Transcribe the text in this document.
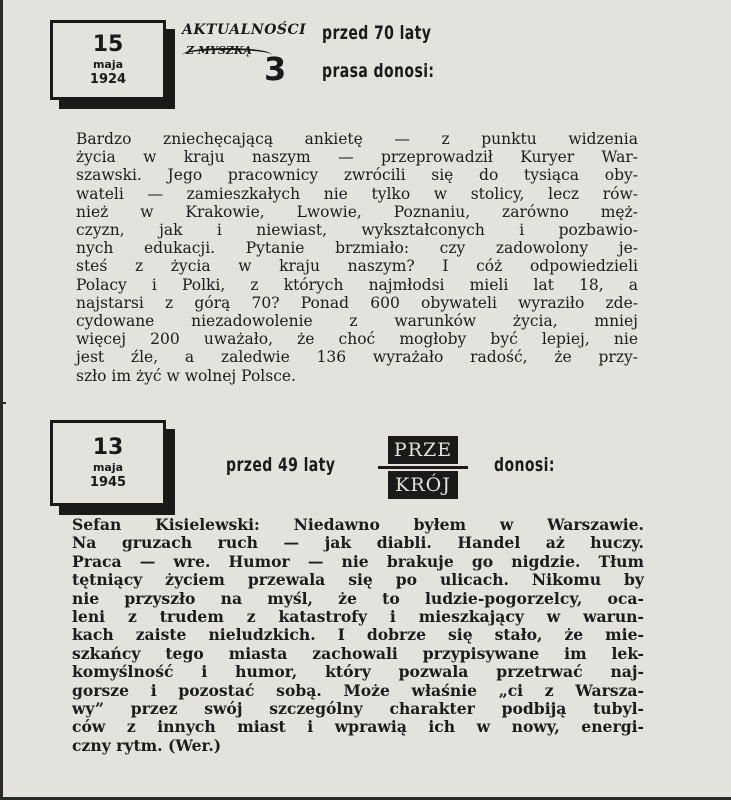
15
maja
1924
AKTUALNOŚCI
Z MYSZKĄ 3
przed 70 laty
prasa donosi:

Bardzo zniechęcającą ankietę — z punktu widzenia
życia w kraju naszym — przeprowadził Kuryer War-
szawski. Jego pracownicy zwrócili się do tysiąca oby-
wateli — zamieszkałych nie tylko w stolicy, lecz rów-
nież w Krakowie, Lwowie, Poznaniu, zarówno męż-
czyzn, jak i niewiast, wykształconych i pozbawio-
nych edukacji. Pytanie brzmiało: czy zadowolony je-
steś z życia w kraju naszym? I cóż odpowiedzieli
Polacy i Polki, z których najmłodsi mieli lat 18, a
najstarsi z górą 70? Ponad 600 obywateli wyraziło zde-
cydowane niezadowolenie z warunków życia, mniej
więcej 200 uważało, że choć mogłoby być lepiej, nie
jest źle, a zaledwie 136 wyrażało radość, że przy-
szło im żyć w wolnej Polsce.

13
maja
1945
przed 49 laty
PRZE
KRÓJ
donosi:

Sefan Kisielewski: Niedawno byłem w Warszawie.
Na gruzach ruch — jak diabli. Handel aż huczy.
Praca — wre. Humor — nie brakuje go nigdzie. Tłum
tętniący życiem przewala się po ulicach. Nikomu by
nie przyszło na myśl, że to ludzie-pogorzelcy, oca-
leni z trudem z katastrofy i mieszkający w warun-
kach zaiste nieludzkich. I dobrze się stało, że mie-
szkańcy tego miasta zachowali przypisywane im lek-
komyślność i humor, który pozwala przetrwać naj-
gorsze i pozostać sobą. Może właśnie „ci z Warsza-
wy” przez swój szczególny charakter podbiją tubyl-
ców z innych miast i wprawią ich w nowy, energi-
czny rytm. (Wer.)
